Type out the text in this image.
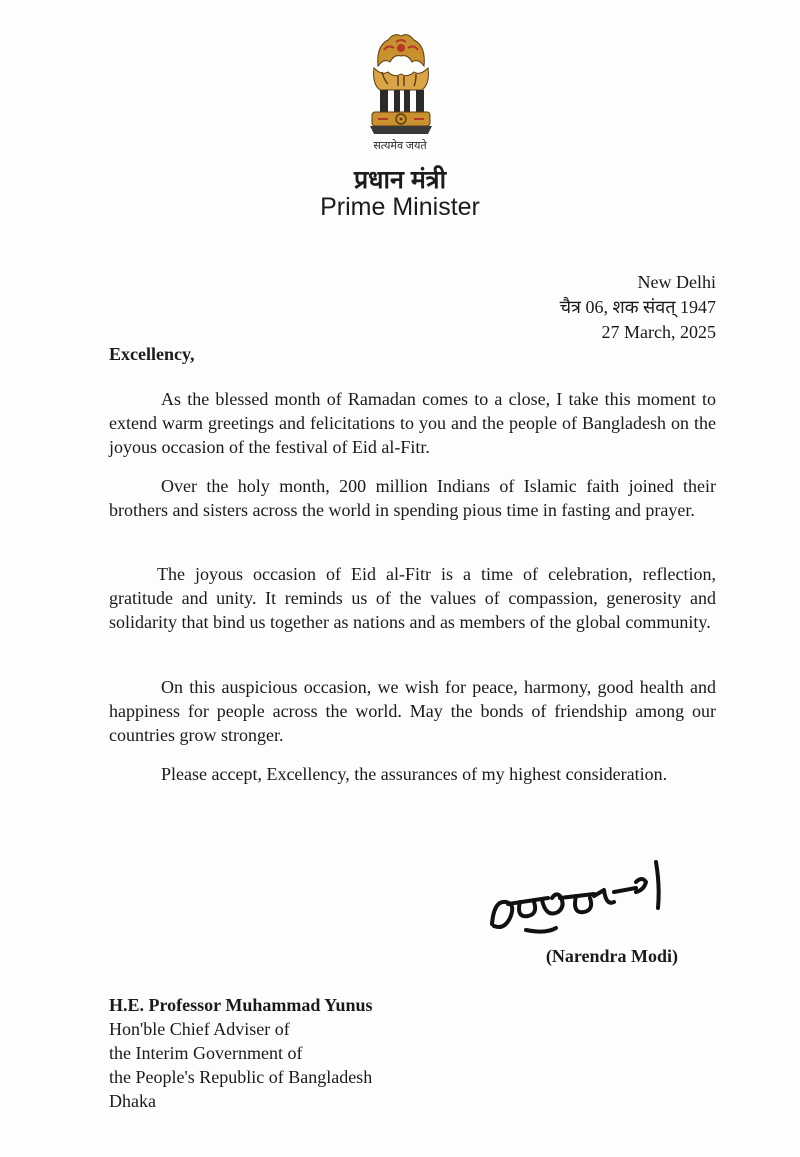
सत्यमेव जयते
प्रधान मंत्री
Prime Minister
New Delhi
चैत्र 06, शक संवत् 1947
27 March, 2025
Excellency,

As the blessed month of Ramadan comes to a close, I take this moment to extend warm greetings and felicitations to you and the people of Bangladesh on the joyous occasion of the festival of Eid al-Fitr.

Over the holy month, 200 million Indians of Islamic faith joined their brothers and sisters across the world in spending pious time in fasting and prayer.

The joyous occasion of Eid al-Fitr is a time of celebration, reflection, gratitude and unity. It reminds us of the values of compassion, generosity and solidarity that bind us together as nations and as members of the global community.

On this auspicious occasion, we wish for peace, harmony, good health and happiness for people across the world. May the bonds of friendship among our countries grow stronger.

Please accept, Excellency, the assurances of my highest consideration.

(Narendra Modi)
H.E. Professor Muhammad Yunus
Hon'ble Chief Adviser of
the Interim Government of
the People's Republic of Bangladesh
Dhaka
